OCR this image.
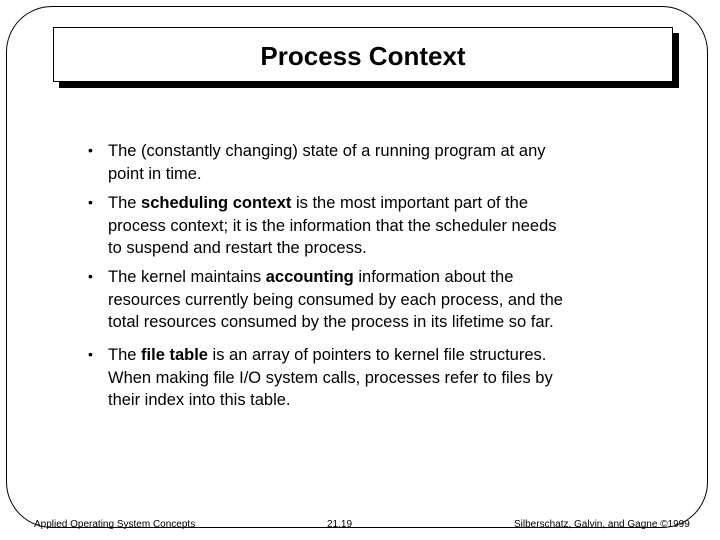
Process Context
• The (constantly changing) state of a running program at any
point in time.
• The scheduling context is the most important part of the
process context; it is the information that the scheduler needs
to suspend and restart the process.
• The kernel maintains accounting information about the
resources currently being consumed by each process, and the
total resources consumed by the process in its lifetime so far.
• The file table is an array of pointers to kernel file structures.
When making file I/O system calls, processes refer to files by
their index into this table.
Applied Operating System Concepts	21.19	Silberschatz, Galvin, and Gagne ©1999
